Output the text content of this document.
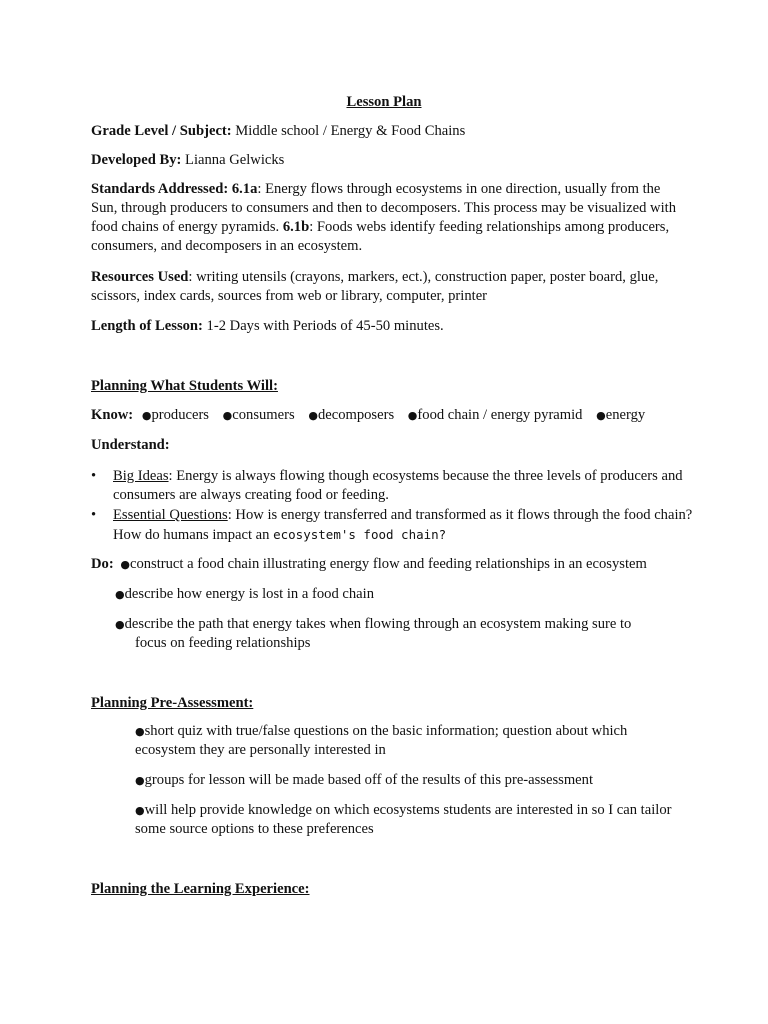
Lesson Plan
Grade Level / Subject: Middle school / Energy & Food Chains
Developed By: Lianna Gelwicks
Standards Addressed: 6.1a: Energy flows through ecosystems in one direction, usually from the Sun, through producers to consumers and then to decomposers. This process may be visualized with food chains of energy pyramids. 6.1b: Foods webs identify feeding relationships among producers, consumers, and decomposers in an ecosystem.
Resources Used: writing utensils (crayons, markers, ect.), construction paper, poster board, glue, scissors, index cards, sources from web or library, computer, printer
Length of Lesson: 1-2 Days with Periods of 45-50 minutes.
Planning What Students Will:
Know: ●producers ●consumers ●decomposers ●food chain / energy pyramid ●energy
Understand:
• Big Ideas: Energy is always flowing though ecosystems because the three levels of producers and consumers are always creating food or feeding.
• Essential Questions: How is energy transferred and transformed as it flows through the food chain? How do humans impact an ecosystem's food chain?
Do: ●construct a food chain illustrating energy flow and feeding relationships in an ecosystem
●describe how energy is lost in a food chain
●describe the path that energy takes when flowing through an ecosystem making sure to
focus on feeding relationships
Planning Pre-Assessment:
●short quiz with true/false questions on the basic information; question about which ecosystem they are personally interested in
●groups for lesson will be made based off of the results of this pre-assessment
●will help provide knowledge on which ecosystems students are interested in so I can tailor some source options to these preferences
Planning the Learning Experience:
